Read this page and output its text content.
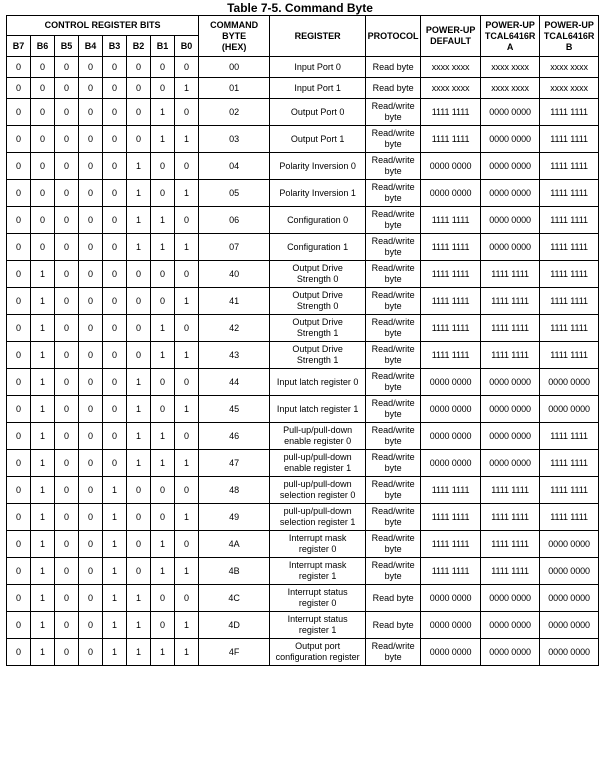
Table 7-5. Command Byte
CONTROL REGISTER BITS								COMMAND
BYTE
(HEX)	REGISTER	PROTOCOL	POWER-UP
DEFAULT	POWER-UP
TCAL6416R
A	POWER-UP
TCAL6416R
B

B7	B6	B5	B4	B3	B2	B1	B0						
0	0	0	0	0	0	0	0	00	Input Port 0	Read byte	xxxx xxxx	xxxx xxxx	xxxx xxxx
0	0	0	0	0	0	0	1	01	Input Port 1	Read byte	xxxx xxxx	xxxx xxxx	xxxx xxxx
0	0	0	0	0	0	1	0	02	Output Port 0	Read/write
byte	1111 1111	0000 0000	1111 1111
0	0	0	0	0	0	1	1	03	Output Port 1	Read/write
byte	1111 1111	0000 0000	1111 1111
0	0	0	0	0	1	0	0	04	Polarity Inversion 0	Read/write
byte	0000 0000	0000 0000	1111 1111
0	0	0	0	0	1	0	1	05	Polarity Inversion 1	Read/write
byte	0000 0000	0000 0000	1111 1111
0	0	0	0	0	1	1	0	06	Configuration 0	Read/write
byte	1111 1111	0000 0000	1111 1111
0	0	0	0	0	1	1	1	07	Configuration 1	Read/write
byte	1111 1111	0000 0000	1111 1111
0	1	0	0	0	0	0	0	40	Output Drive
Strength 0	Read/write
byte	1111 1111	1111 1111	1111 1111
0	1	0	0	0	0	0	1	41	Output Drive
Strength 0	Read/write
byte	1111 1111	1111 1111	1111 1111
0	1	0	0	0	0	1	0	42	Output Drive
Strength 1	Read/write
byte	1111 1111	1111 1111	1111 1111
0	1	0	0	0	0	1	1	43	Output Drive
Strength 1	Read/write
byte	1111 1111	1111 1111	1111 1111
0	1	0	0	0	1	0	0	44	Input latch register 0	Read/write
byte	0000 0000	0000 0000	0000 0000
0	1	0	0	0	1	0	1	45	Input latch register 1	Read/write
byte	0000 0000	0000 0000	0000 0000
0	1	0	0	0	1	1	0	46	Pull-up/pull-down
enable register 0	Read/write
byte	0000 0000	0000 0000	1111 1111
0	1	0	0	0	1	1	1	47	pull-up/pull-down
enable register 1	Read/write
byte	0000 0000	0000 0000	1111 1111
0	1	0	0	1	0	0	0	48	pull-up/pull-down
selection register 0	Read/write
byte	1111 1111	1111 1111	1111 1111
0	1	0	0	1	0	0	1	49	pull-up/pull-down
selection register 1	Read/write
byte	1111 1111	1111 1111	1111 1111
0	1	0	0	1	0	1	0	4A	Interrupt mask
register 0	Read/write
byte	1111 1111	1111 1111	0000 0000
0	1	0	0	1	0	1	1	4B	Interrupt mask
register 1	Read/write
byte	1111 1111	1111 1111	0000 0000
0	1	0	0	1	1	0	0	4C	Interrupt status
register 0	Read byte	0000 0000	0000 0000	0000 0000
0	1	0	0	1	1	0	1	4D	Interrupt status
register 1	Read byte	0000 0000	0000 0000	0000 0000
0	1	0	0	1	1	1	1	4F	Output port
configuration register	Read/write
byte	0000 0000	0000 0000	0000 0000
